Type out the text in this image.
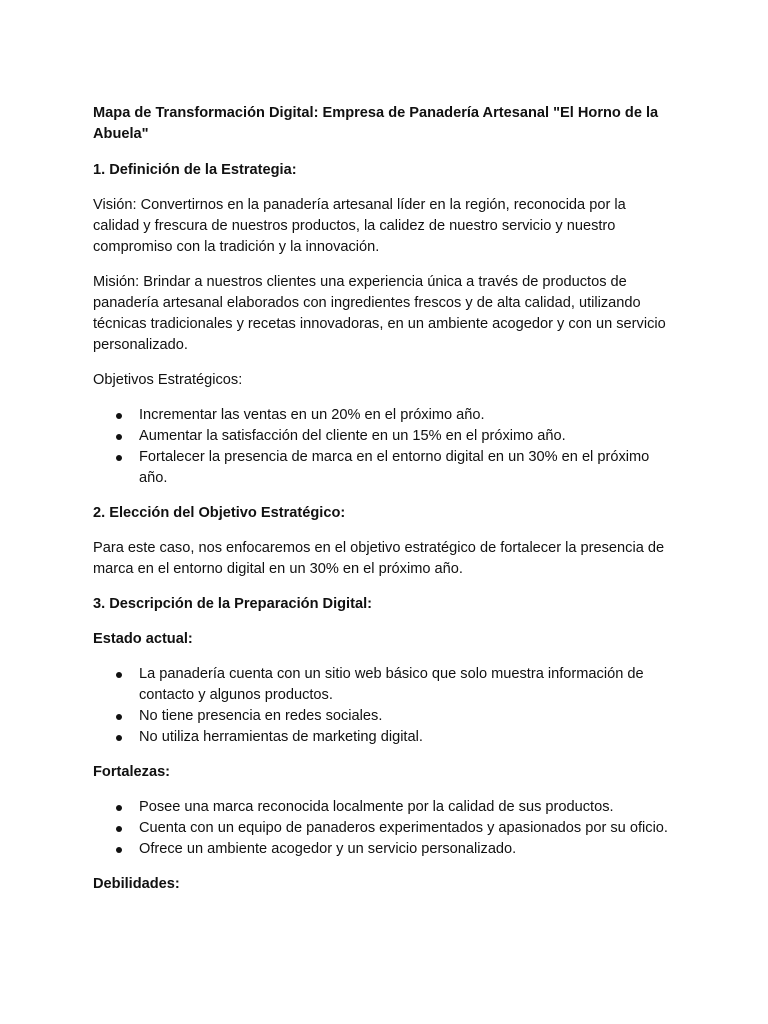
Mapa de Transformación Digital: Empresa de Panadería Artesanal "El Horno de la Abuela"

1. Definición de la Estrategia:

Visión: Convertirnos en la panadería artesanal líder en la región, reconocida por la calidad y frescura de nuestros productos, la calidez de nuestro servicio y nuestro compromiso con la tradición y la innovación.

Misión: Brindar a nuestros clientes una experiencia única a través de productos de panadería artesanal elaborados con ingredientes frescos y de alta calidad, utilizando técnicas tradicionales y recetas innovadoras, en un ambiente acogedor y con un servicio personalizado.

Objetivos Estratégicos:

Incrementar las ventas en un 20% en el próximo año.
Aumentar la satisfacción del cliente en un 15% en el próximo año.
Fortalecer la presencia de marca en el entorno digital en un 30% en el próximo año.

2. Elección del Objetivo Estratégico:

Para este caso, nos enfocaremos en el objetivo estratégico de fortalecer la presencia de marca en el entorno digital en un 30% en el próximo año.

3. Descripción de la Preparación Digital:

Estado actual:

La panadería cuenta con un sitio web básico que solo muestra información de contacto y algunos productos.
No tiene presencia en redes sociales.
No utiliza herramientas de marketing digital.

Fortalezas:

Posee una marca reconocida localmente por la calidad de sus productos.
Cuenta con un equipo de panaderos experimentados y apasionados por su oficio.
Ofrece un ambiente acogedor y un servicio personalizado.

Debilidades:
